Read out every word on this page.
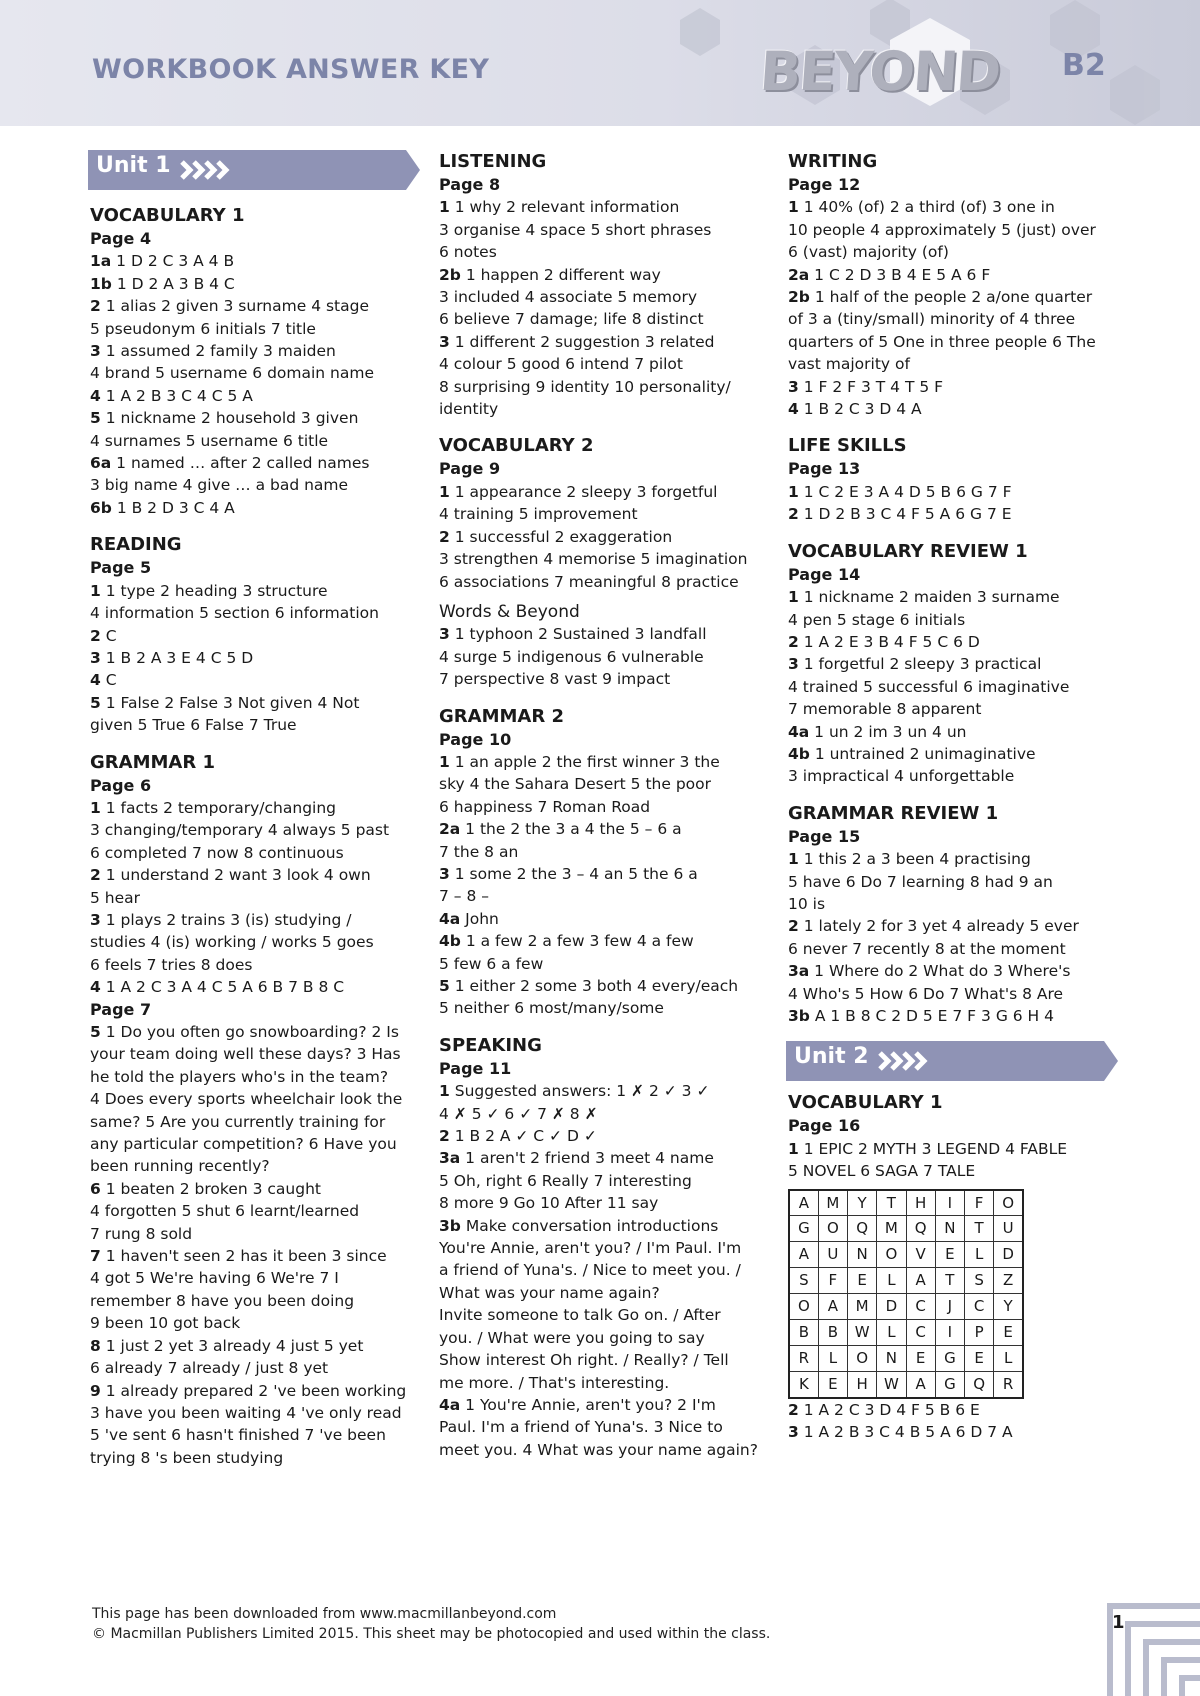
WORKBOOK ANSWER KEY	BEYOND B2
Unit 1
VOCABULARY 1
Page 4
1a 1 D 2 C 3 A 4 B
1b 1 D 2 A 3 B 4 C
2 1 alias 2 given 3 surname 4 stage
5 pseudonym 6 initials 7 title
3 1 assumed 2 family 3 maiden
4 brand 5 username 6 domain name
4 1 A 2 B 3 C 4 C 5 A
5 1 nickname 2 household 3 given
4 surnames 5 username 6 title
6a 1 named … after 2 called names
3 big name 4 give … a bad name
6b 1 B 2 D 3 C 4 A
READING
Page 5
1 1 type 2 heading 3 structure
4 information 5 section 6 information
2 C
3 1 B 2 A 3 E 4 C 5 D
4 C
5 1 False 2 False 3 Not given 4 Not
given 5 True 6 False 7 True
GRAMMAR 1
Page 6
1 1 facts 2 temporary/changing
3 changing/temporary 4 always 5 past
6 completed 7 now 8 continuous
2 1 understand 2 want 3 look 4 own
5 hear
3 1 plays 2 trains 3 (is) studying /
studies 4 (is) working / works 5 goes
6 feels 7 tries 8 does
4 1 A 2 C 3 A 4 C 5 A 6 B 7 B 8 C
Page 7
5 1 Do you often go snowboarding? 2 Is
your team doing well these days? 3 Has
he told the players who's in the team?
4 Does every sports wheelchair look the
same? 5 Are you currently training for
any particular competition? 6 Have you
been running recently?
6 1 beaten 2 broken 3 caught
4 forgotten 5 shut 6 learnt/learned
7 rung 8 sold
7 1 haven't seen 2 has it been 3 since
4 got 5 We're having 6 We're 7 I
remember 8 have you been doing
9 been 10 got back
8 1 just 2 yet 3 already 4 just 5 yet
6 already 7 already / just 8 yet
9 1 already prepared 2 've been working
3 have you been waiting 4 've only read
5 've sent 6 hasn't finished 7 've been
trying 8 's been studying
LISTENING
Page 8
1 1 why 2 relevant information
3 organise 4 space 5 short phrases
6 notes
2b 1 happen 2 different way
3 included 4 associate 5 memory
6 believe 7 damage; life 8 distinct
3 1 different 2 suggestion 3 related
4 colour 5 good 6 intend 7 pilot
8 surprising 9 identity 10 personality/
identity
VOCABULARY 2
Page 9
1 1 appearance 2 sleepy 3 forgetful
4 training 5 improvement
2 1 successful 2 exaggeration
3 strengthen 4 memorise 5 imagination
6 associations 7 meaningful 8 practice
Words & Beyond
3 1 typhoon 2 Sustained 3 landfall
4 surge 5 indigenous 6 vulnerable
7 perspective 8 vast 9 impact
GRAMMAR 2
Page 10
1 1 an apple 2 the first winner 3 the
sky 4 the Sahara Desert 5 the poor
6 happiness 7 Roman Road
2a 1 the 2 the 3 a 4 the 5 – 6 a
7 the 8 an
3 1 some 2 the 3 – 4 an 5 the 6 a
7 – 8 –
4a John
4b 1 a few 2 a few 3 few 4 a few
5 few 6 a few
5 1 either 2 some 3 both 4 every/each
5 neither 6 most/many/some
SPEAKING
Page 11
1 Suggested answers: 1 ✗ 2 ✓ 3 ✓
4 ✗ 5 ✓ 6 ✓ 7 ✗ 8 ✗
2 1 B 2 A ✓ C ✓ D ✓
3a 1 aren't 2 friend 3 meet 4 name
5 Oh, right 6 Really 7 interesting
8 more 9 Go 10 After 11 say
3b Make conversation introductions
You're Annie, aren't you? / I'm Paul. I'm
a friend of Yuna's. / Nice to meet you. /
What was your name again?
Invite someone to talk Go on. / After
you. / What were you going to say
Show interest Oh right. / Really? / Tell
me more. / That's interesting.
4a 1 You're Annie, aren't you? 2 I'm
Paul. I'm a friend of Yuna's. 3 Nice to
meet you. 4 What was your name again?
WRITING
Page 12
1 1 40% (of) 2 a third (of) 3 one in
10 people 4 approximately 5 (just) over
6 (vast) majority (of)
2a 1 C 2 D 3 B 4 E 5 A 6 F
2b 1 half of the people 2 a/one quarter
of 3 a (tiny/small) minority of 4 three
quarters of 5 One in three people 6 The
vast majority of
3 1 F 2 F 3 T 4 T 5 F
4 1 B 2 C 3 D 4 A
LIFE SKILLS
Page 13
1 1 C 2 E 3 A 4 D 5 B 6 G 7 F
2 1 D 2 B 3 C 4 F 5 A 6 G 7 E
VOCABULARY REVIEW 1
Page 14
1 1 nickname 2 maiden 3 surname
4 pen 5 stage 6 initials
2 1 A 2 E 3 B 4 F 5 C 6 D
3 1 forgetful 2 sleepy 3 practical
4 trained 5 successful 6 imaginative
7 memorable 8 apparent
4a 1 un 2 im 3 un 4 un
4b 1 untrained 2 unimaginative
3 impractical 4 unforgettable
GRAMMAR REVIEW 1
Page 15
1 1 this 2 a 3 been 4 practising
5 have 6 Do 7 learning 8 had 9 an
10 is
2 1 lately 2 for 3 yet 4 already 5 ever
6 never 7 recently 8 at the moment
3a 1 Where do 2 What do 3 Where's
4 Who's 5 How 6 Do 7 What's 8 Are
3b A 1 B 8 C 2 D 5 E 7 F 3 G 6 H 4
Unit 2
VOCABULARY 1
Page 16
1 1 EPIC 2 MYTH 3 LEGEND 4 FABLE
5 NOVEL 6 SAGA 7 TALE
A	M	Y	T	H	I	F	O
G	O	Q	M	Q	N	T	U
A	U	N	O	V	E	L	D
S	F	E	L	A	T	S	Z
O	A	M	D	C	J	C	Y
B	B	W	L	C	I	P	E
R	L	O	N	E	G	E	L
K	E	H	W	A	G	Q	R
2 1 A 2 C 3 D 4 F 5 B 6 E
3 1 A 2 B 3 C 4 B 5 A 6 D 7 A
This page has been downloaded from www.macmillanbeyond.com
© Macmillan Publishers Limited 2015. This sheet may be photocopied and used within the class.
1
